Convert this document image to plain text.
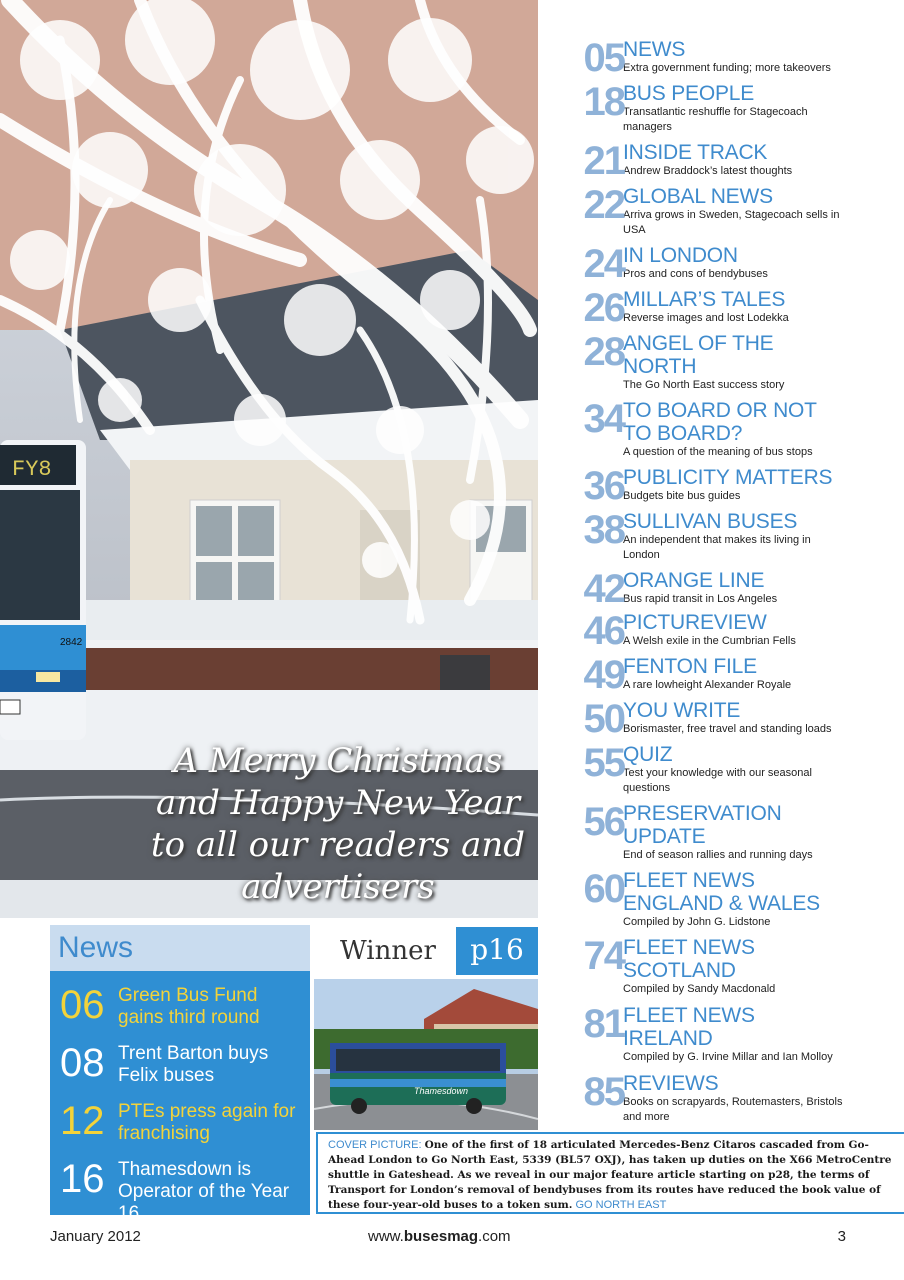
FY8
2842
A Merry Christmas and Happy New Year to all our readers and advertisers
05 NEWS
Extra government funding; more takeovers
18 BUS PEOPLE
Transatlantic reshuffle for Stagecoach managers
21 INSIDE TRACK
Andrew Braddock’s latest thoughts
22 GLOBAL NEWS
Arriva grows in Sweden, Stagecoach sells in USA
24 IN LONDON
Pros and cons of bendybuses
26 MILLAR’S TALES
Reverse images and lost Lodekka
28 ANGEL OF THE NORTH
The Go North East success story
34 TO BOARD OR NOT TO BOARD?
A question of the meaning of bus stops
36 PUBLICITY MATTERS
Budgets bite bus guides
38 SULLIVAN BUSES
An independent that makes its living in London
42 ORANGE LINE
Bus rapid transit in Los Angeles
46 PICTUREVIEW
A Welsh exile in the Cumbrian Fells
49 FENTON FILE
A rare lowheight Alexander Royale
50 YOU WRITE
Borismaster, free travel and standing loads
55 QUIZ
Test your knowledge with our seasonal questions
56 PRESERVATION UPDATE
End of season rallies and running days
60 FLEET NEWS ENGLAND & WALES
Compiled by John G. Lidstone
74 FLEET NEWS SCOTLAND
Compiled by Sandy Macdonald
81 FLEET NEWS IRELAND
Compiled by G. Irvine Millar and Ian Molloy
85 REVIEWS
Books on scrapyards, Routemasters, Bristols and more
News
06 Green Bus Fund gains third round
08 Trent Barton buys Felix buses
12 PTEs press again for franchising
16 Thamesdown is Operator of the Year 16
Winner	p16
Thamesdown
COVER PICTURE: One of the first of 18 articulated Mercedes-Benz Citaros cascaded from Go-Ahead London to Go North East, 5339 (BL57 OXJ), has taken up duties on the X66 MetroCentre shuttle in Gateshead. As we reveal in our major feature article starting on p28, the terms of Transport for London’s removal of bendybuses from its routes have reduced the book value of these four-year-old buses to a token sum. GO NORTH EAST
January 2012	www.busesmag.com	3
